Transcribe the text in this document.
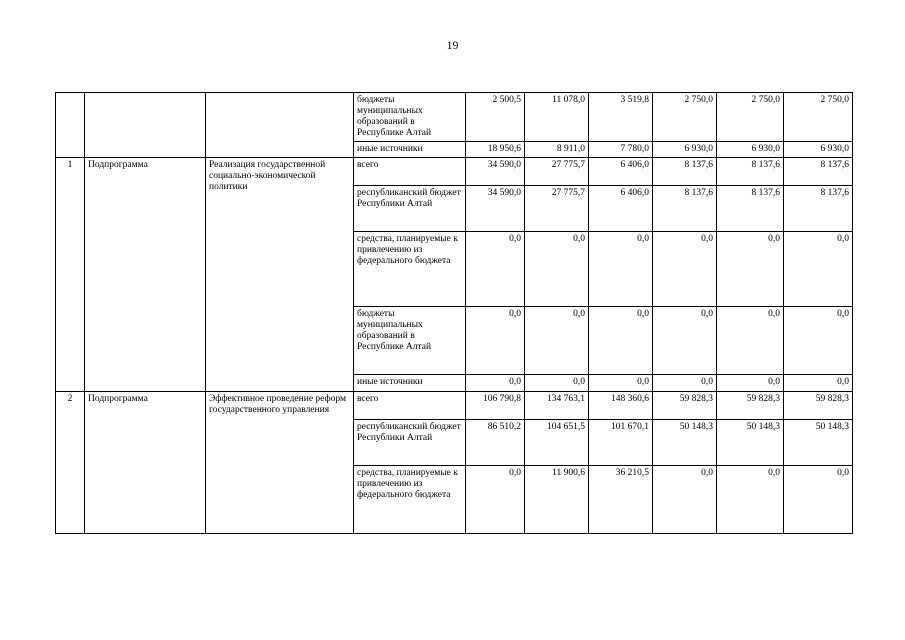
19
			бюджеты муниципальных образований в Республике Алтай	2 500,5	11 078,0	3 519,8	2 750,0	2 750,0	2 750,0
			иные источники	18 950,6	8 911,0	7 780,0	6 930,0	6 930,0	6 930,0
1	Подпрограмма	Реализация государственной социально-экономической политики	всего	34 590,0	27 775,7	6 406,0	8 137,6	8 137,6	8 137,6
			республиканский бюджет Республики Алтай	34 590,0	27 775,7	6 406,0	8 137,6	8 137,6	8 137,6
			средства, планируемые к привлечению из федерального бюджета	0,0	0,0	0,0	0,0	0,0	0,0
			бюджеты муниципальных образований в Республике Алтай	0,0	0,0	0,0	0,0	0,0	0,0
			иные источники	0,0	0,0	0,0	0,0	0,0	0,0
2	Подпрограмма	Эффективное проведение реформ государственного управления	всего	106 790,8	134 763,1	148 360,6	59 828,3	59 828,3	59 828,3
			республиканский бюджет Республики Алтай	86 510,2	104 651,5	101 670,1	50 148,3	50 148,3	50 148,3
			средства, планируемые к привлечению из федерального бюджета	0,0	11 900,6	36 210,5	0,0	0,0	0,0
